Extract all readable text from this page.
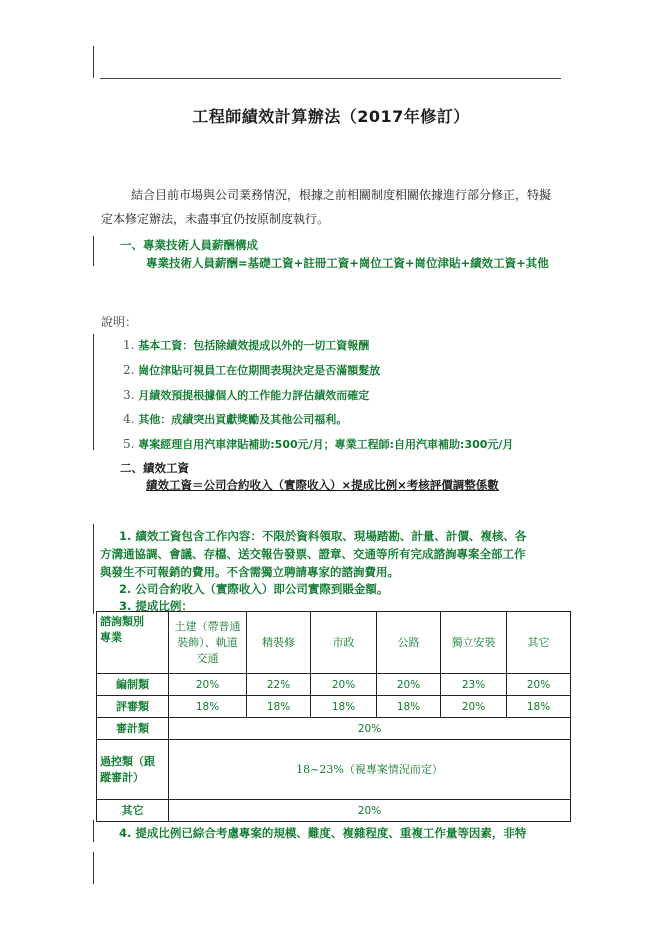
工程師績效計算辦法（2017年修訂）
結合目前市場與公司業務情況，根據之前相關制度相關依據進行部分修正，特擬
定本修定辦法，未盡事宜仍按原制度執行。
一、專業技術人員薪酬構成
專業技術人員薪酬=基礎工資+註冊工資+崗位工資+崗位津貼+績效工資+其他
說明：
1. 基本工資：包括除績效提成以外的一切工資報酬
2. 崗位津貼可視員工在位期間表現決定是否滿額髮放
3. 月績效預提根據個人的工作能力評估績效而確定
4. 其他：成績突出貢獻獎勵及其他公司福利。
5. 專案經理自用汽車津貼補助:500元/月；專業工程師:自用汽車補助:300元/月
二、績效工資
績效工資＝公司合約收入（實際收入）×提成比例×考核評價調整係數
1. 績效工資包含工作內容：不限於資料領取、現場踏勘、計量、計價、複核、各
方溝通協調、會議、存檔、送交報告發票、證章、交通等所有完成諮詢專案全部工作
與發生不可報銷的費用。不含需獨立聘請專家的諮詢費用。
2. 公司合約收入（實際收入）即公司實際到賬金額。
3. 提成比例：
諮詢類別
專業	土建（帶普通裝飾）、軌道交通	精裝修	市政	公路	獨立安裝	其它
編制類	20%	22%	20%	20%	23%	20%
評審類	18%	18%	18%	18%	20%	18%
審計類	20%					
過控類（跟蹤審計）	18~23%（視專案情況而定）					
其它	20%					
4. 提成比例已綜合考慮專案的規模、難度、複雜程度、重複工作量等因素，非特
